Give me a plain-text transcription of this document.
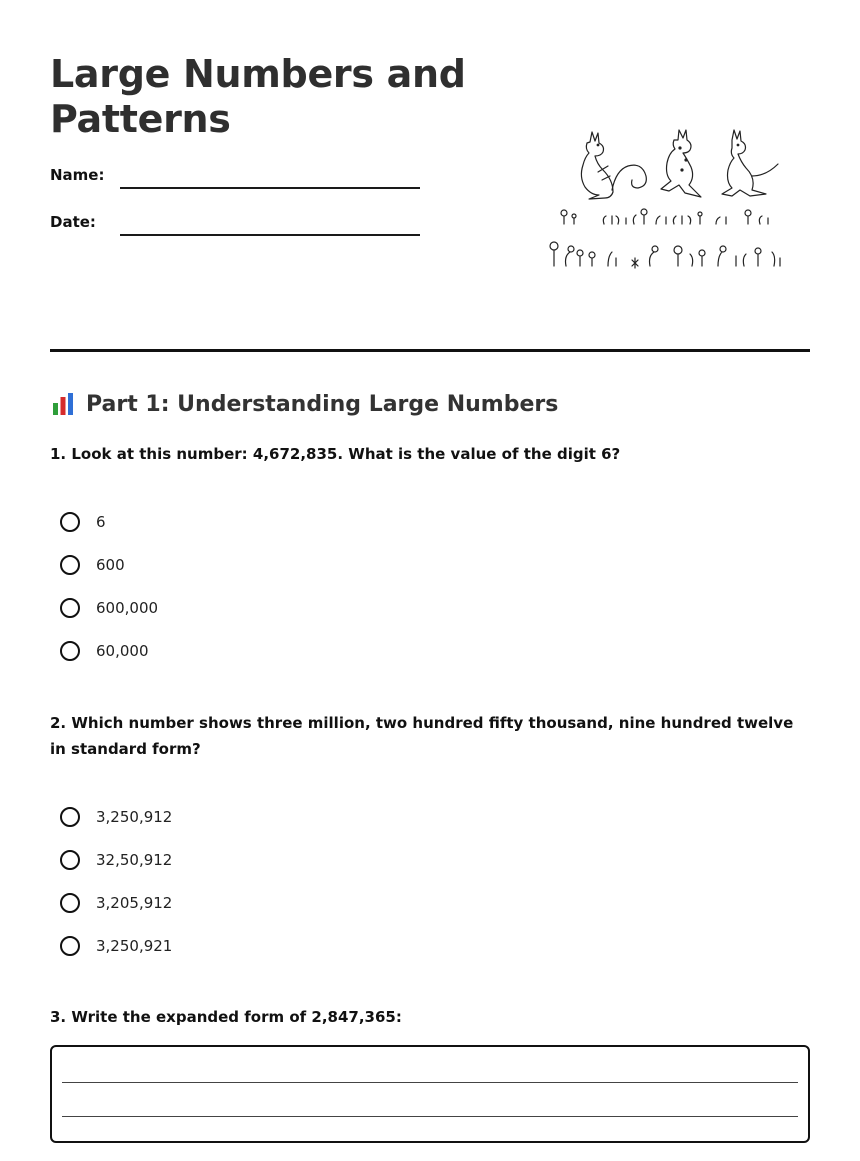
Large Numbers and Patterns
Name:
Date:
Part 1: Understanding Large Numbers
1. Look at this number: 4,672,835. What is the value of the digit 6?
6
600
600,000
60,000
2. Which number shows three million, two hundred fifty thousand, nine hundred twelve in standard form?
3,250,912
32,50,912
3,205,912
3,250,921
3. Write the expanded form of 2,847,365:
